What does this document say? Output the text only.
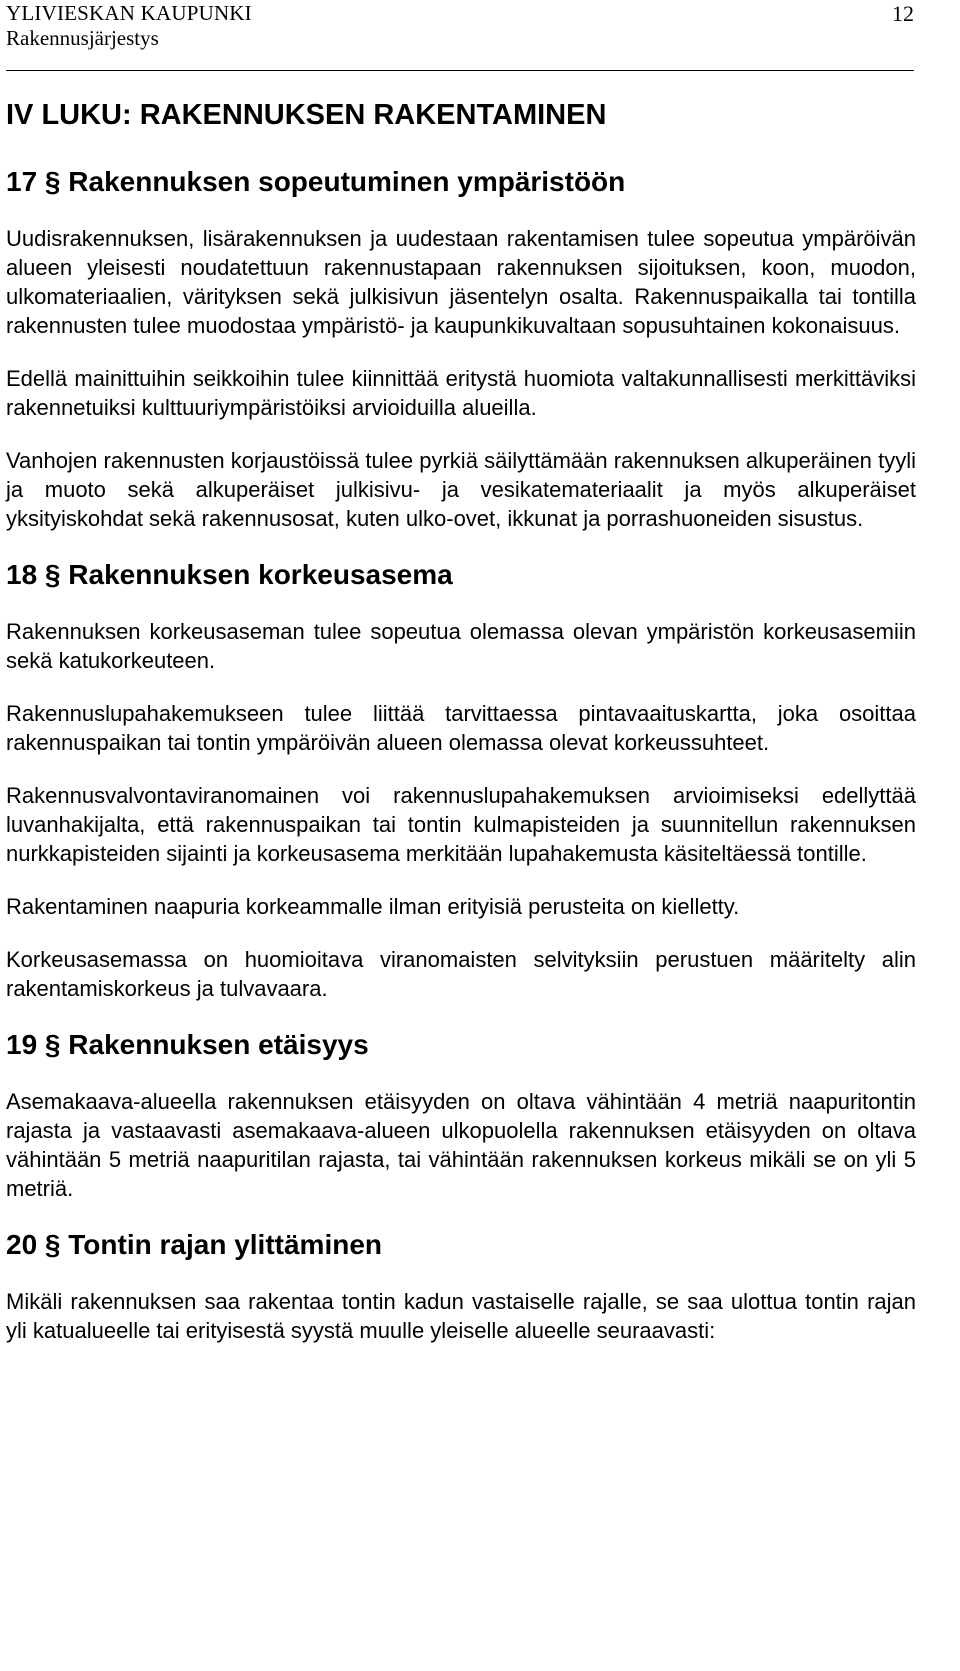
YLIVIESKAN KAUPUNKI
Rakennusjärjestys
12
IV LUKU: RAKENNUKSEN RAKENTAMINEN
17 § Rakennuksen sopeutuminen ympäristöön

Uudisrakennuksen, lisärakennuksen ja uudestaan rakentamisen tulee sopeutua ympäröivän alueen yleisesti noudatettuun rakennustapaan rakennuksen sijoituksen, koon, muodon, ulkomateriaalien, värityksen sekä julkisivun jäsentelyn osalta. Rakennuspaikalla tai tontilla rakennusten tulee muodostaa ympäristö- ja kaupunkikuvaltaan sopusuhtainen kokonaisuus.

Edellä mainittuihin seikkoihin tulee kiinnittää eritystä huomiota valtakunnallisesti merkittäviksi rakennetuiksi kulttuuriympäristöiksi arvioiduilla alueilla.

Vanhojen rakennusten korjaustöissä tulee pyrkiä säilyttämään rakennuksen alkuperäinen tyyli ja muoto sekä alkuperäiset julkisivu- ja vesikatemateriaalit ja myös alkuperäiset yksityiskohdat sekä rakennusosat, kuten ulko-ovet, ikkunat ja porrashuoneiden sisustus.

18 § Rakennuksen korkeusasema

Rakennuksen korkeusaseman tulee sopeutua olemassa olevan ympäristön korkeusasemiin sekä katukorkeuteen.

Rakennuslupahakemukseen tulee liittää tarvittaessa pintavaaituskartta, joka osoittaa rakennuspaikan tai tontin ympäröivän alueen olemassa olevat korkeussuhteet.

Rakennusvalvontaviranomainen voi rakennuslupahakemuksen arvioimiseksi edellyttää luvanhakijalta, että rakennuspaikan tai tontin kulmapisteiden ja suunnitellun rakennuksen nurkkapisteiden sijainti ja korkeusasema merkitään lupahakemusta käsiteltäessä tontille.

Rakentaminen naapuria korkeammalle ilman erityisiä perusteita on kielletty.

Korkeusasemassa on huomioitava viranomaisten selvityksiin perustuen määritelty alin rakentamiskorkeus ja tulvavaara.

19 § Rakennuksen etäisyys

Asemakaava-alueella rakennuksen etäisyyden on oltava vähintään 4 metriä naapuritontin rajasta ja vastaavasti asemakaava-alueen ulkopuolella rakennuksen etäisyyden on oltava vähintään 5 metriä naapuritilan rajasta, tai vähintään rakennuksen korkeus mikäli se on yli 5 metriä.

20 § Tontin rajan ylittäminen

Mikäli rakennuksen saa rakentaa tontin kadun vastaiselle rajalle, se saa ulottua tontin rajan yli katualueelle tai erityisestä syystä muulle yleiselle alueelle seuraavasti:
